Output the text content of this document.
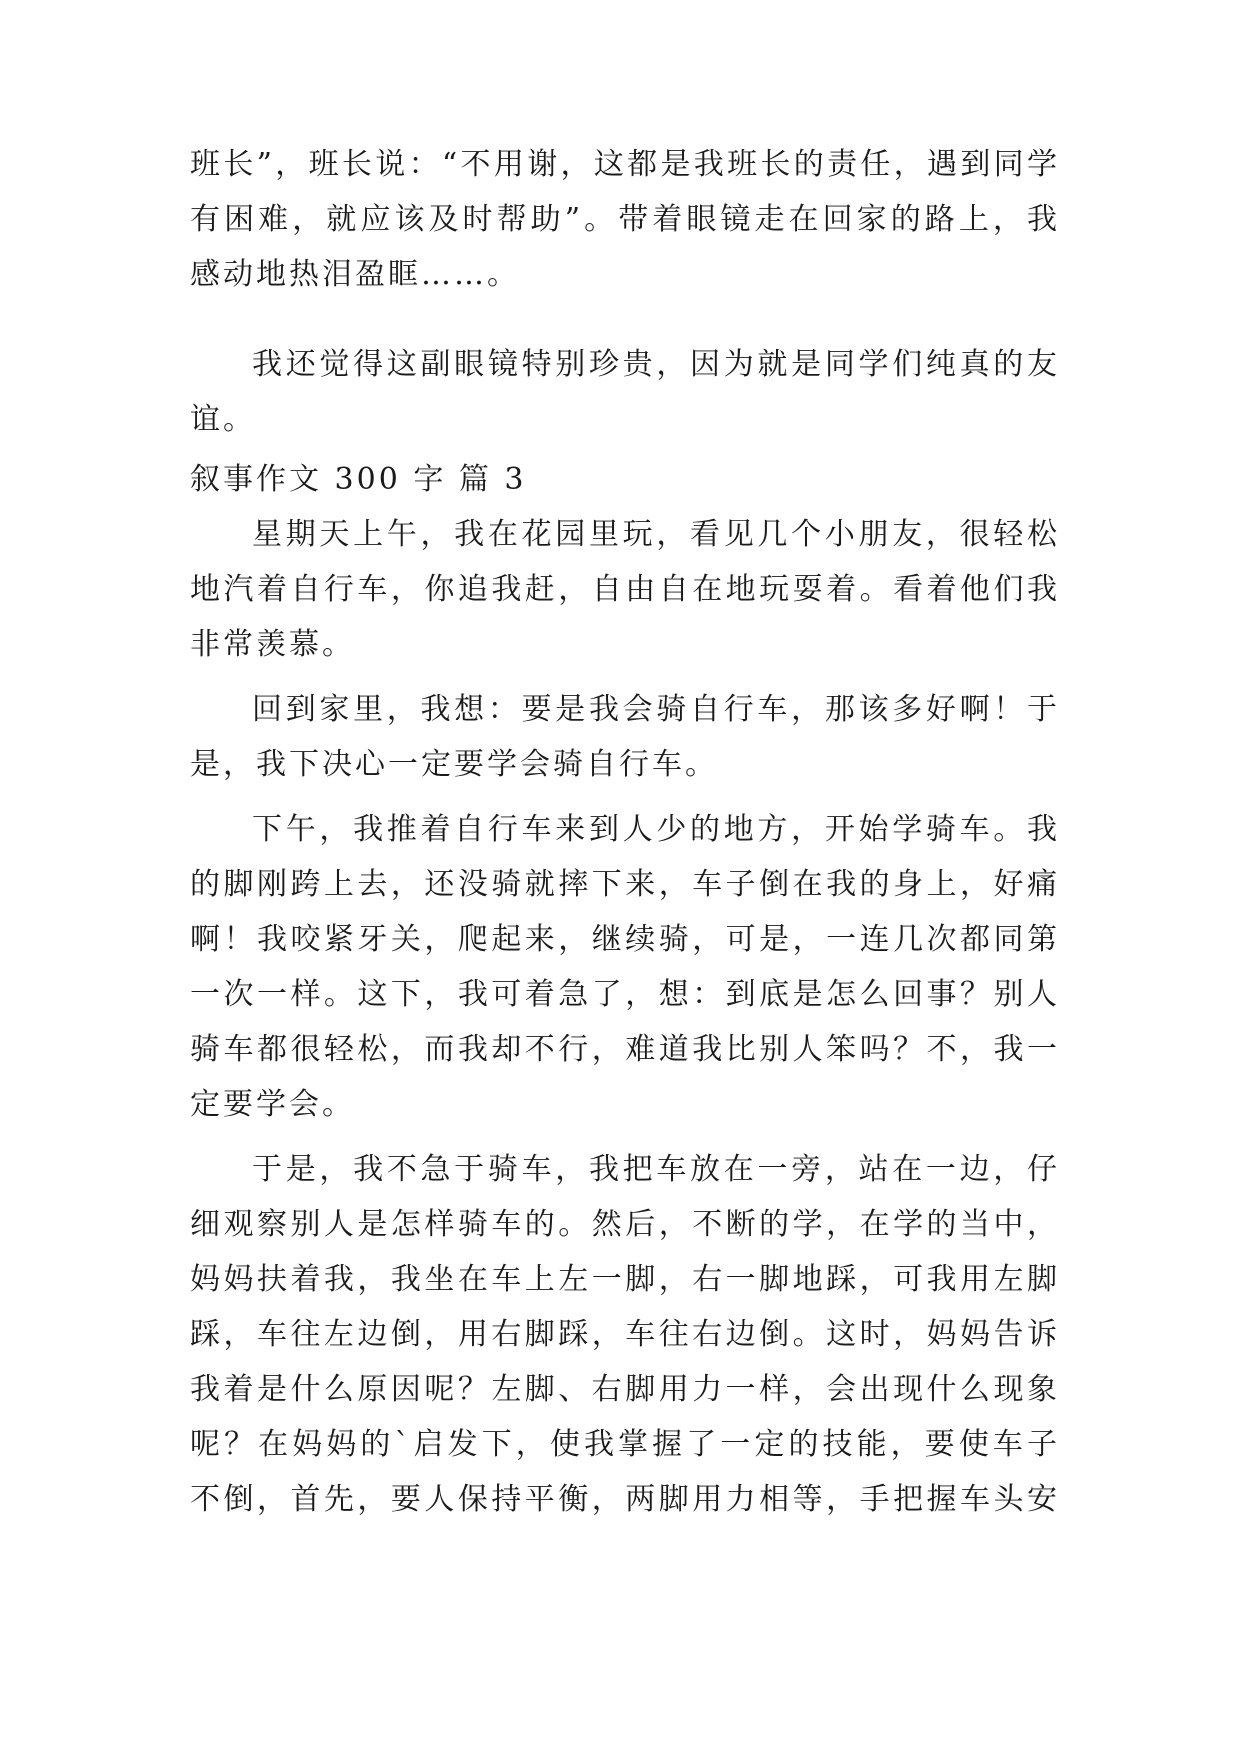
班长”，班长说：“不用谢，这都是我班长的责任，遇到同学
有困难，就应该及时帮助”。带着眼镜走在回家的路上，我
感动地热泪盈眶……。
我还觉得这副眼镜特别珍贵，因为就是同学们纯真的友
谊。
叙事作文 300 字 篇 3
星期天上午，我在花园里玩，看见几个小朋友，很轻松
地汽着自行车，你追我赶，自由自在地玩耍着。看着他们我
非常羡慕。
回到家里，我想：要是我会骑自行车，那该多好啊！于
是，我下决心一定要学会骑自行车。
下午，我推着自行车来到人少的地方，开始学骑车。我
的脚刚跨上去，还没骑就摔下来，车子倒在我的身上，好痛
啊！我咬紧牙关，爬起来，继续骑，可是，一连几次都同第
一次一样。这下，我可着急了，想：到底是怎么回事？别人
骑车都很轻松，而我却不行，难道我比别人笨吗？不，我一
定要学会。
于是，我不急于骑车，我把车放在一旁，站在一边，仔
细观察别人是怎样骑车的。然后，不断的学，在学的当中，
妈妈扶着我，我坐在车上左一脚，右一脚地踩，可我用左脚
踩，车往左边倒，用右脚踩，车往右边倒。这时，妈妈告诉
我着是什么原因呢？左脚、右脚用力一样，会出现什么现象
呢？在妈妈的`启发下，使我掌握了一定的技能，要使车子
不倒，首先，要人保持平衡，两脚用力相等，手把握车头安
